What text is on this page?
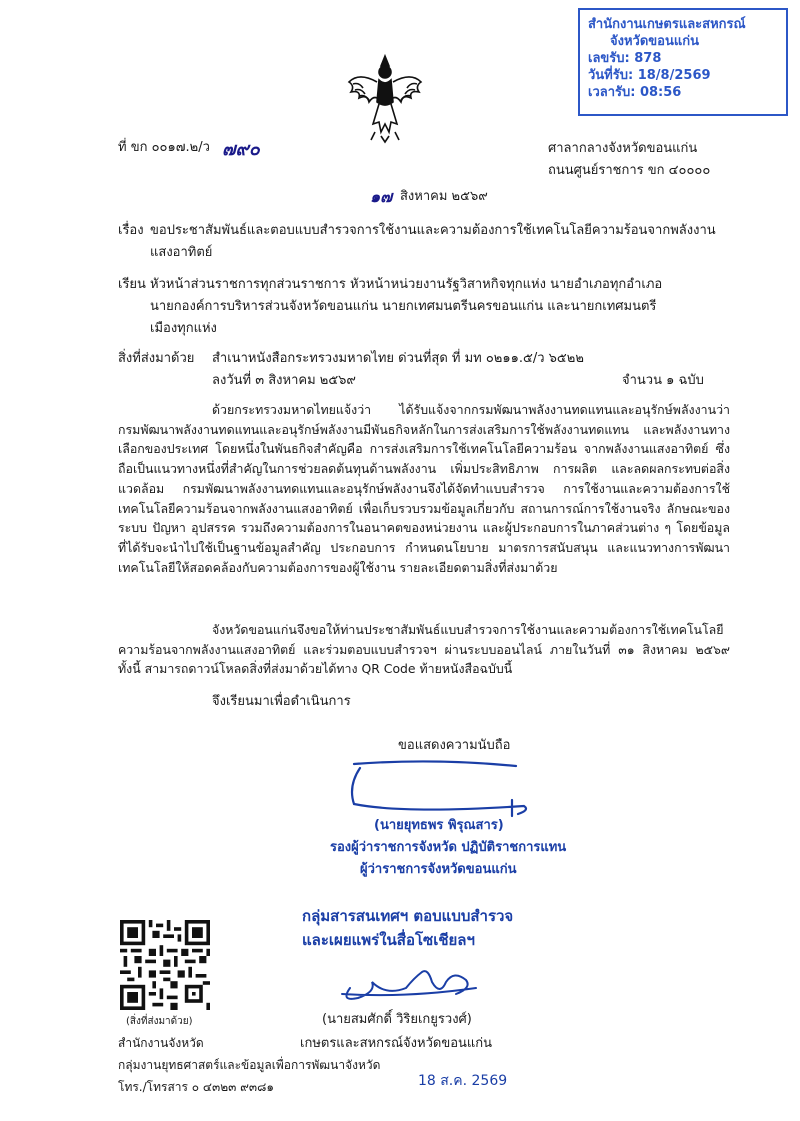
สำนักงานเกษตรและสหกรณ์
จังหวัดขอนแก่น
เลขรับ: 878
วันที่รับ: 18/8/2569
เวลารับ: 08:56
ที่ ขก ๐๐๑๗.๒/ว ๗๙๐	ศาลากลางจังหวัดขอนแก่น
ถนนศูนย์ราชการ ขก ๔๐๐๐๐
๑๗ สิงหาคม ๒๕๖๙
เรื่อง ขอประชาสัมพันธ์และตอบแบบสำรวจการใช้งานและความต้องการใช้เทคโนโลยีความร้อนจากพลังงาน
แสงอาทิตย์
เรียน หัวหน้าส่วนราชการทุกส่วนราชการ หัวหน้าหน่วยงานรัฐวิสาหกิจทุกแห่ง นายอำเภอทุกอำเภอ
นายกองค์การบริหารส่วนจังหวัดขอนแก่น นายกเทศมนตรีนครขอนแก่น และนายกเทศมนตรี
เมืองทุกแห่ง
สิ่งที่ส่งมาด้วย สำเนาหนังสือกระทรวงมหาดไทย ด่วนที่สุด ที่ มท ๐๒๑๑.๕/ว ๖๕๒๒
ลงวันที่ ๓ สิงหาคม ๒๕๖๙	จำนวน ๑ ฉบับ
ด้วยกระทรวงมหาดไทยแจ้งว่า ได้รับแจ้งจากกรมพัฒนาพลังงานทดแทนและอนุรักษ์พลังงานว่า กรมพัฒนาพลังงานทดแทนและอนุรักษ์พลังงานมีพันธกิจหลักในการส่งเสริมการใช้พลังงานทดแทน และพลังงานทางเลือกของประเทศ โดยหนึ่งในพันธกิจสำคัญคือ การส่งเสริมการใช้เทคโนโลยีความร้อน จากพลังงานแสงอาทิตย์ ซึ่งถือเป็นแนวทางหนึ่งที่สำคัญในการช่วยลดต้นทุนด้านพลังงาน เพิ่มประสิทธิภาพ การผลิต และลดผลกระทบต่อสิ่งแวดล้อม กรมพัฒนาพลังงานทดแทนและอนุรักษ์พลังงานจึงได้จัดทำแบบสำรวจ การใช้งานและความต้องการใช้เทคโนโลยีความร้อนจากพลังงานแสงอาทิตย์ เพื่อเก็บรวบรวมข้อมูลเกี่ยวกับ สถานการณ์การใช้งานจริง ลักษณะของระบบ ปัญหา อุปสรรค รวมถึงความต้องการในอนาคตของหน่วยงาน และผู้ประกอบการในภาคส่วนต่าง ๆ โดยข้อมูลที่ได้รับจะนำไปใช้เป็นฐานข้อมูลสำคัญ ประกอบการ กำหนดนโยบาย มาตรการสนับสนุน และแนวทางการพัฒนาเทคโนโลยีให้สอดคล้องกับความต้องการของผู้ใช้งาน รายละเอียดตามสิ่งที่ส่งมาด้วย
จังหวัดขอนแก่นจึงขอให้ท่านประชาสัมพันธ์แบบสำรวจการใช้งานและความต้องการใช้เทคโนโลยี ความร้อนจากพลังงานแสงอาทิตย์ และร่วมตอบแบบสำรวจฯ ผ่านระบบออนไลน์ ภายในวันที่ ๓๑ สิงหาคม ๒๕๖๙ ทั้งนี้ สามารถดาวน์โหลดสิ่งที่ส่งมาด้วยได้ทาง QR Code ท้ายหนังสือฉบับนี้
จึงเรียนมาเพื่อดำเนินการ
ขอแสดงความนับถือ
(นายยุทธพร พิรุณสาร)
รองผู้ว่าราชการจังหวัด ปฏิบัติราชการแทน
ผู้ว่าราชการจังหวัดขอนแก่น
กลุ่มสารสนเทศฯ ตอบแบบสำรวจ
และเผยแพร่ในสื่อโซเชียลฯ
(นายสมศักดิ์ วิริยเกยูรวงศ์)
เกษตรและสหกรณ์จังหวัดขอนแก่น
18 ส.ค. 2569
(สิ่งที่ส่งมาด้วย)
สำนักงานจังหวัด
กลุ่มงานยุทธศาสตร์และข้อมูลเพื่อการพัฒนาจังหวัด
โทร./โทรสาร ๐ ๔๓๒๓ ๙๓๘๑
